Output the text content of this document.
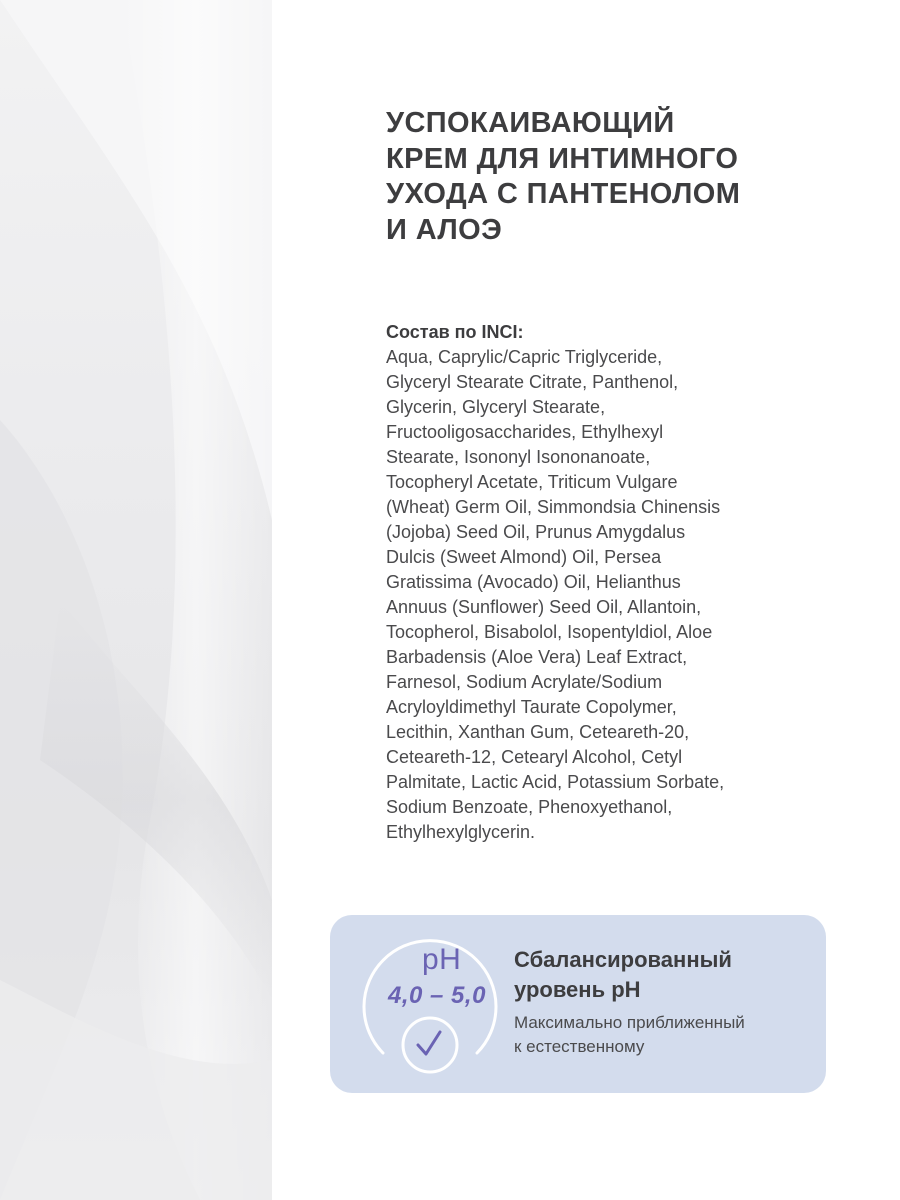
УСПОКАИВАЮЩИЙ
КРЕМ ДЛЯ ИНТИМНОГО
УХОДА С ПАНТЕНОЛОМ
И АЛОЭ

Состав по INCI:

Aqua, Caprylic/Capric Triglyceride,
Glyceryl Stearate Citrate, Panthenol,
Glycerin, Glyceryl Stearate,
Fructooligosaccharides, Ethylhexyl
Stearate, Isononyl Isononanoate,
Tocopheryl Acetate, Triticum Vulgare
(Wheat) Germ Oil, Simmondsia Chinensis
(Jojoba) Seed Oil, Prunus Amygdalus
Dulcis (Sweet Almond) Oil, Persea
Gratissima (Avocado) Oil, Helianthus
Annuus (Sunflower) Seed Oil, Allantoin,
Tocopherol, Bisabolol, Isopentyldiol, Aloe
Barbadensis (Aloe Vera) Leaf Extract,
Farnesol, Sodium Acrylate/Sodium
Acryloyldimethyl Taurate Copolymer,
Lecithin, Xanthan Gum, Ceteareth-20,
Ceteareth-12, Cetearyl Alcohol, Cetyl
Palmitate, Lactic Acid, Potassium Sorbate,
Sodium Benzoate, Phenoxyethanol,
Ethylhexylglycerin.

pH
4,0 – 5,0
Сбалансированный
уровень pH

Максимально приближенный
к естественному
